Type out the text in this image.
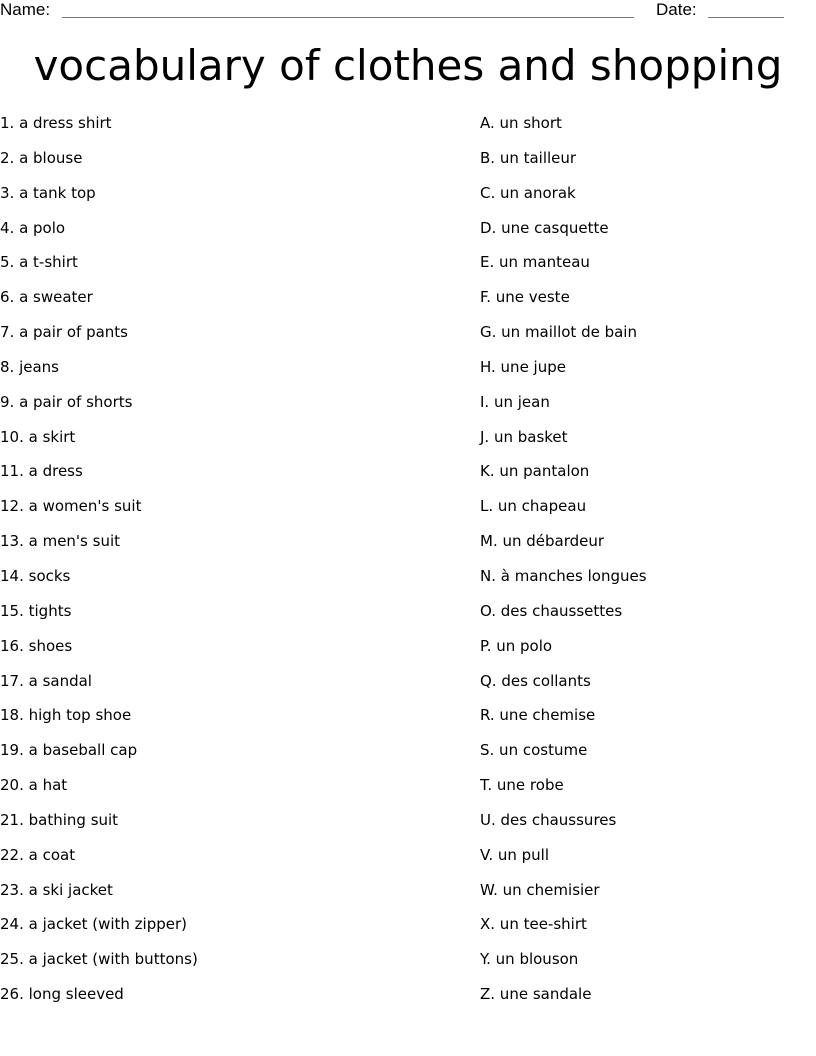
Name:	Date:
vocabulary of clothes and shopping
1. a dress shirt
2. a blouse
3. a tank top
4. a polo
5. a t-shirt
6. a sweater
7. a pair of pants
8. jeans
9. a pair of shorts
10. a skirt
11. a dress
12. a women's suit
13. a men's suit
14. socks
15. tights
16. shoes
17. a sandal
18. high top shoe
19. a baseball cap
20. a hat
21. bathing suit
22. a coat
23. a ski jacket
24. a jacket (with zipper)
25. a jacket (with buttons)
26. long sleeved
A. un short
B. un tailleur
C. un anorak
D. une casquette
E. un manteau
F. une veste
G. un maillot de bain
H. une jupe
I. un jean
J. un basket
K. un pantalon
L. un chapeau
M. un débardeur
N. à manches longues
O. des chaussettes
P. un polo
Q. des collants
R. une chemise
S. un costume
T. une robe
U. des chaussures
V. un pull
W. un chemisier
X. un tee-shirt
Y. un blouson
Z. une sandale
